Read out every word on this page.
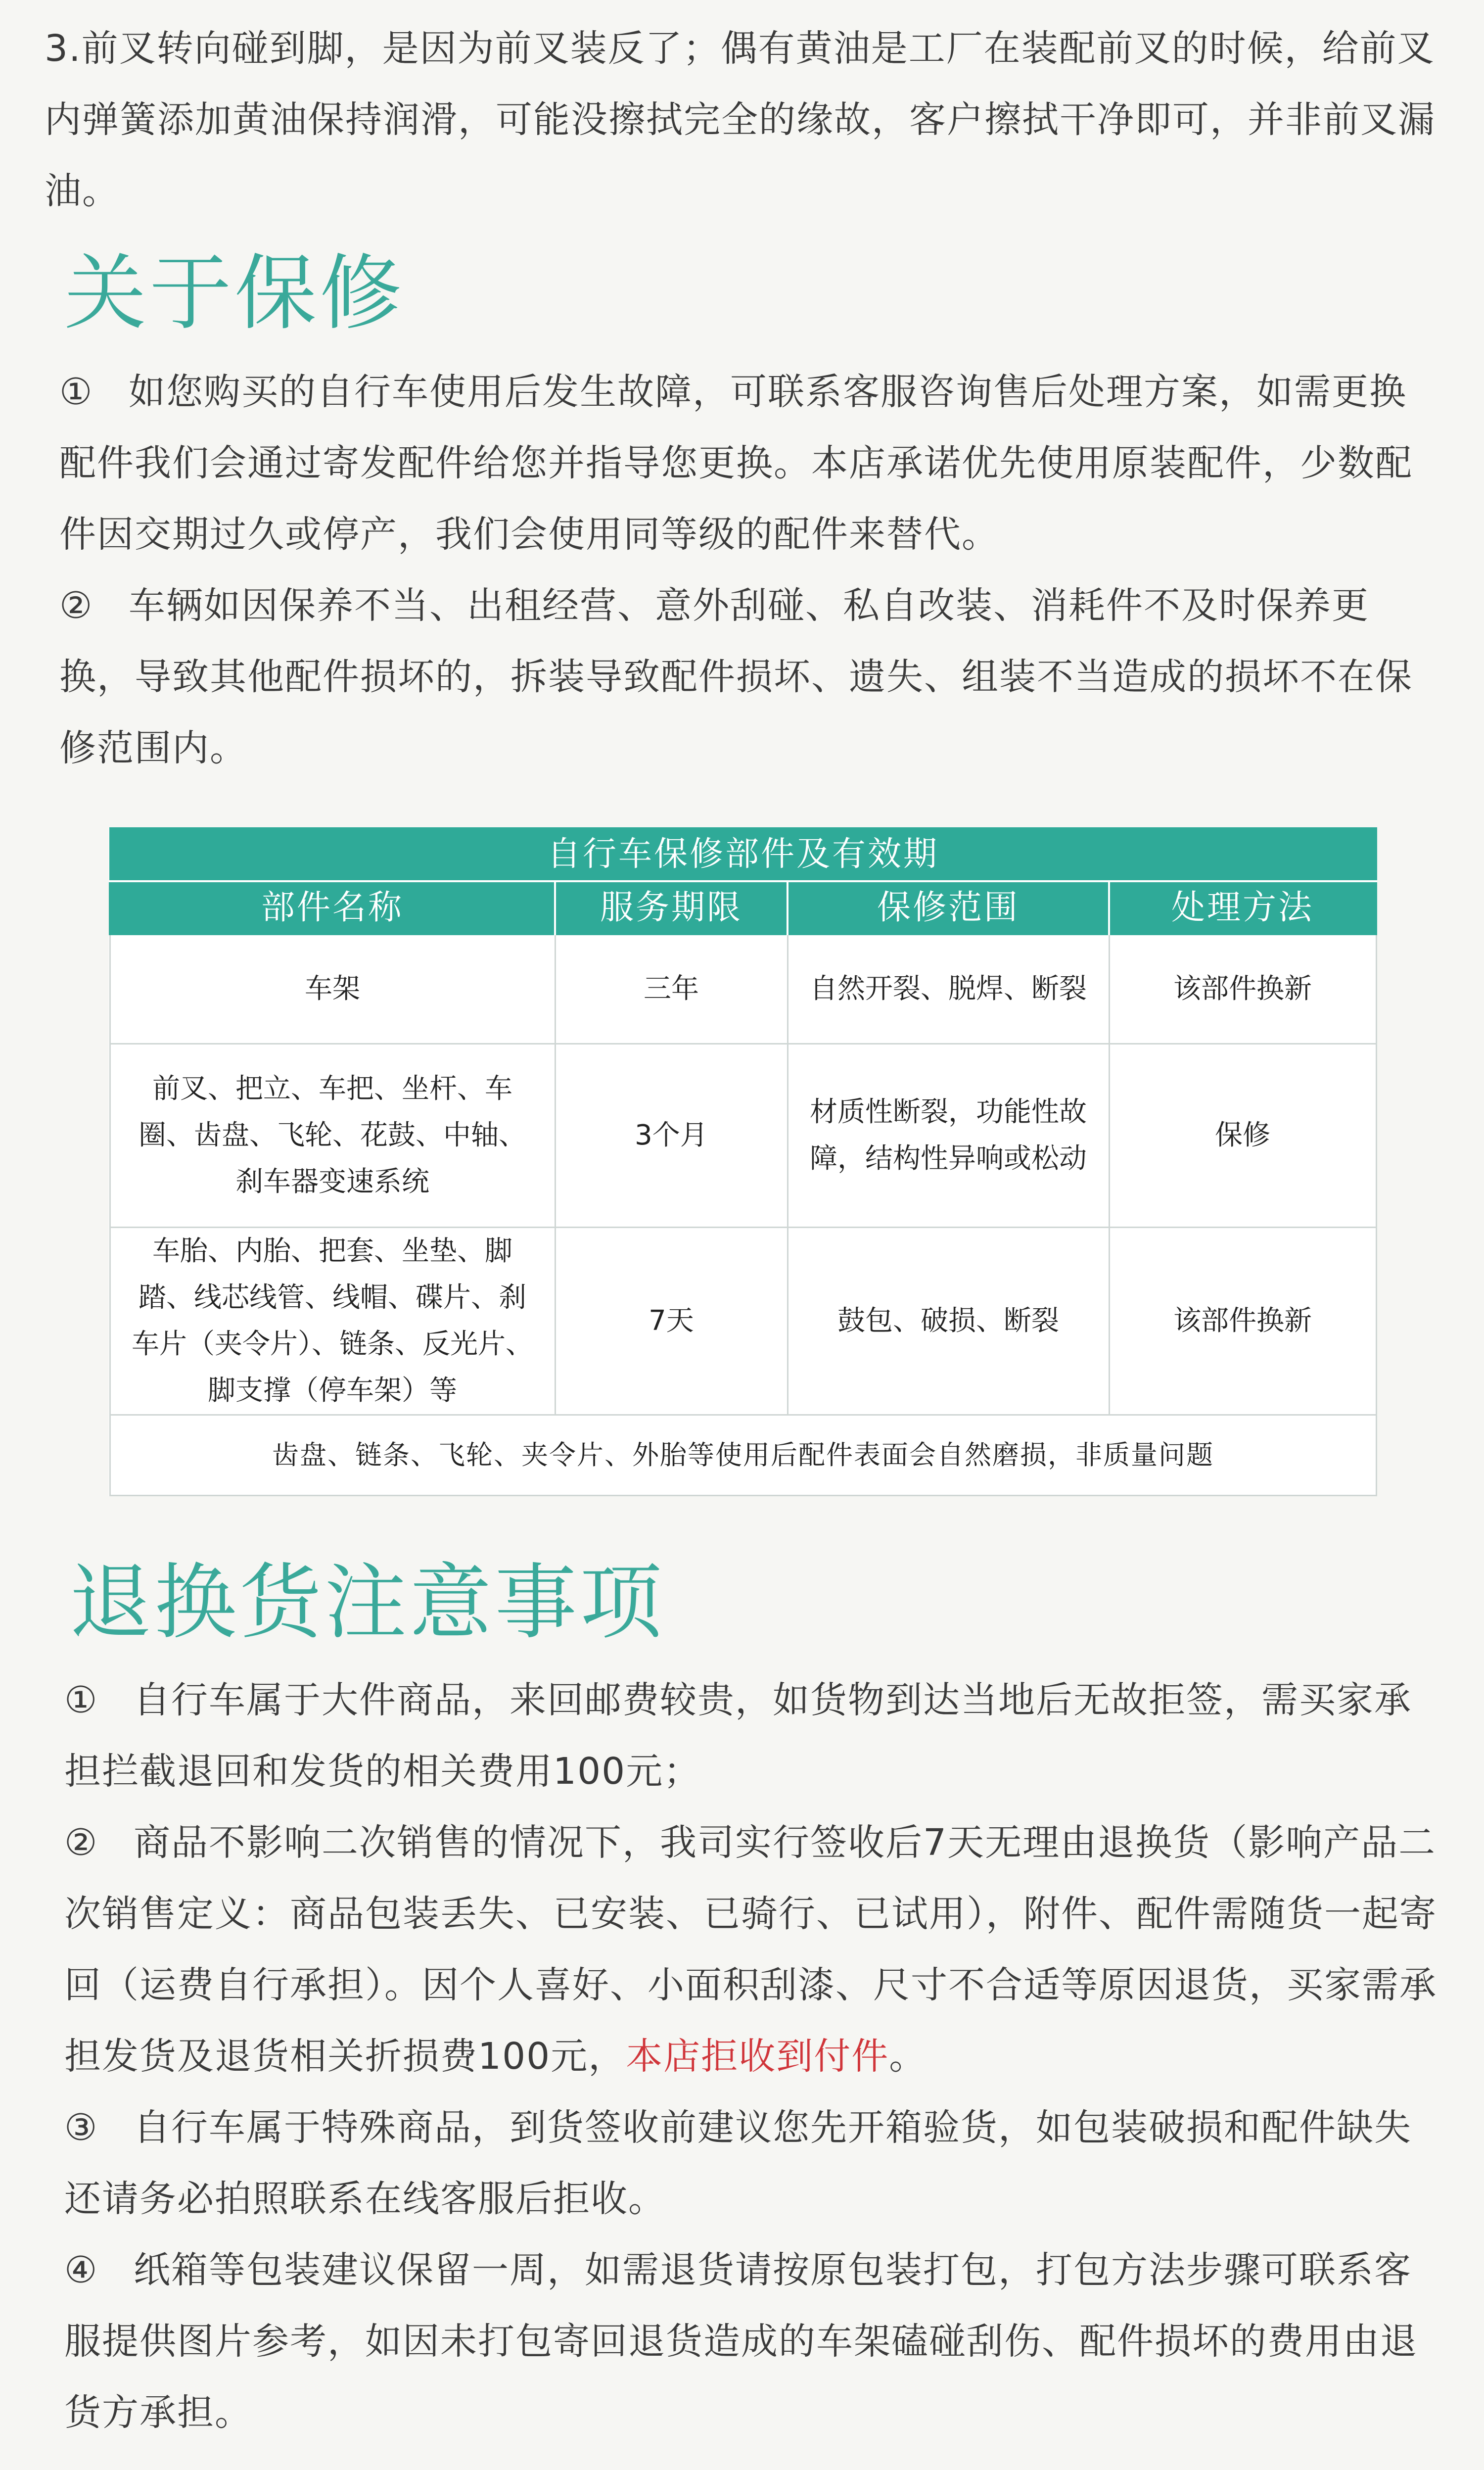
3.前叉转向碰到脚，是因为前叉装反了；偶有黄油是工厂在装配前叉的时候，给前叉内弹簧添加黄油保持润滑，可能没擦拭完全的缘故，客户擦拭干净即可，并非前叉漏油。

关于保修

① 如您购买的自行车使用后发生故障，可联系客服咨询售后处理方案，如需更换配件我们会通过寄发配件给您并指导您更换。本店承诺优先使用原装配件，少数配件因交期过久或停产，我们会使用同等级的配件来替代。

② 车辆如因保养不当、出租经营、意外刮碰、私自改装、消耗件不及时保养更换，导致其他配件损坏的，拆装导致配件损坏、遗失、组装不当造成的损坏不在保修范围内。

自行车保修部件及有效期			
部件名称	服务期限	保修范围	处理方法
车架	三年	自然开裂、脱焊、断裂	该部件换新
前叉、把立、车把、坐杆、车圈、齿盘、飞轮、花鼓、中轴、刹车器变速系统	3个月	材质性断裂，功能性故障，结构性异响或松动	保修
车胎、内胎、把套、坐垫、脚踏、线芯线管、线帽、碟片、刹车片（夹令片）、链条、反光片、脚支撑（停车架）等	7天	鼓包、破损、断裂	该部件换新
齿盘、链条、飞轮、夹令片、外胎等使用后配件表面会自然磨损，非质量问题			
退换货注意事项

① 自行车属于大件商品，来回邮费较贵，如货物到达当地后无故拒签，需买家承担拦截退回和发货的相关费用100元；

② 商品不影响二次销售的情况下，我司实行签收后7天无理由退换货（影响产品二次销售定义：商品包装丢失、已安装、已骑行、已试用），附件、配件需随货一起寄回（运费自行承担）。因个人喜好、小面积刮漆、尺寸不合适等原因退货，买家需承担发货及退货相关折损费100元，本店拒收到付件。

③ 自行车属于特殊商品，到货签收前建议您先开箱验货，如包装破损和配件缺失还请务必拍照联系在线客服后拒收。

④ 纸箱等包装建议保留一周，如需退货请按原包装打包，打包方法步骤可联系客服提供图片参考，如因未打包寄回退货造成的车架磕碰刮伤、配件损坏的费用由退货方承担。
